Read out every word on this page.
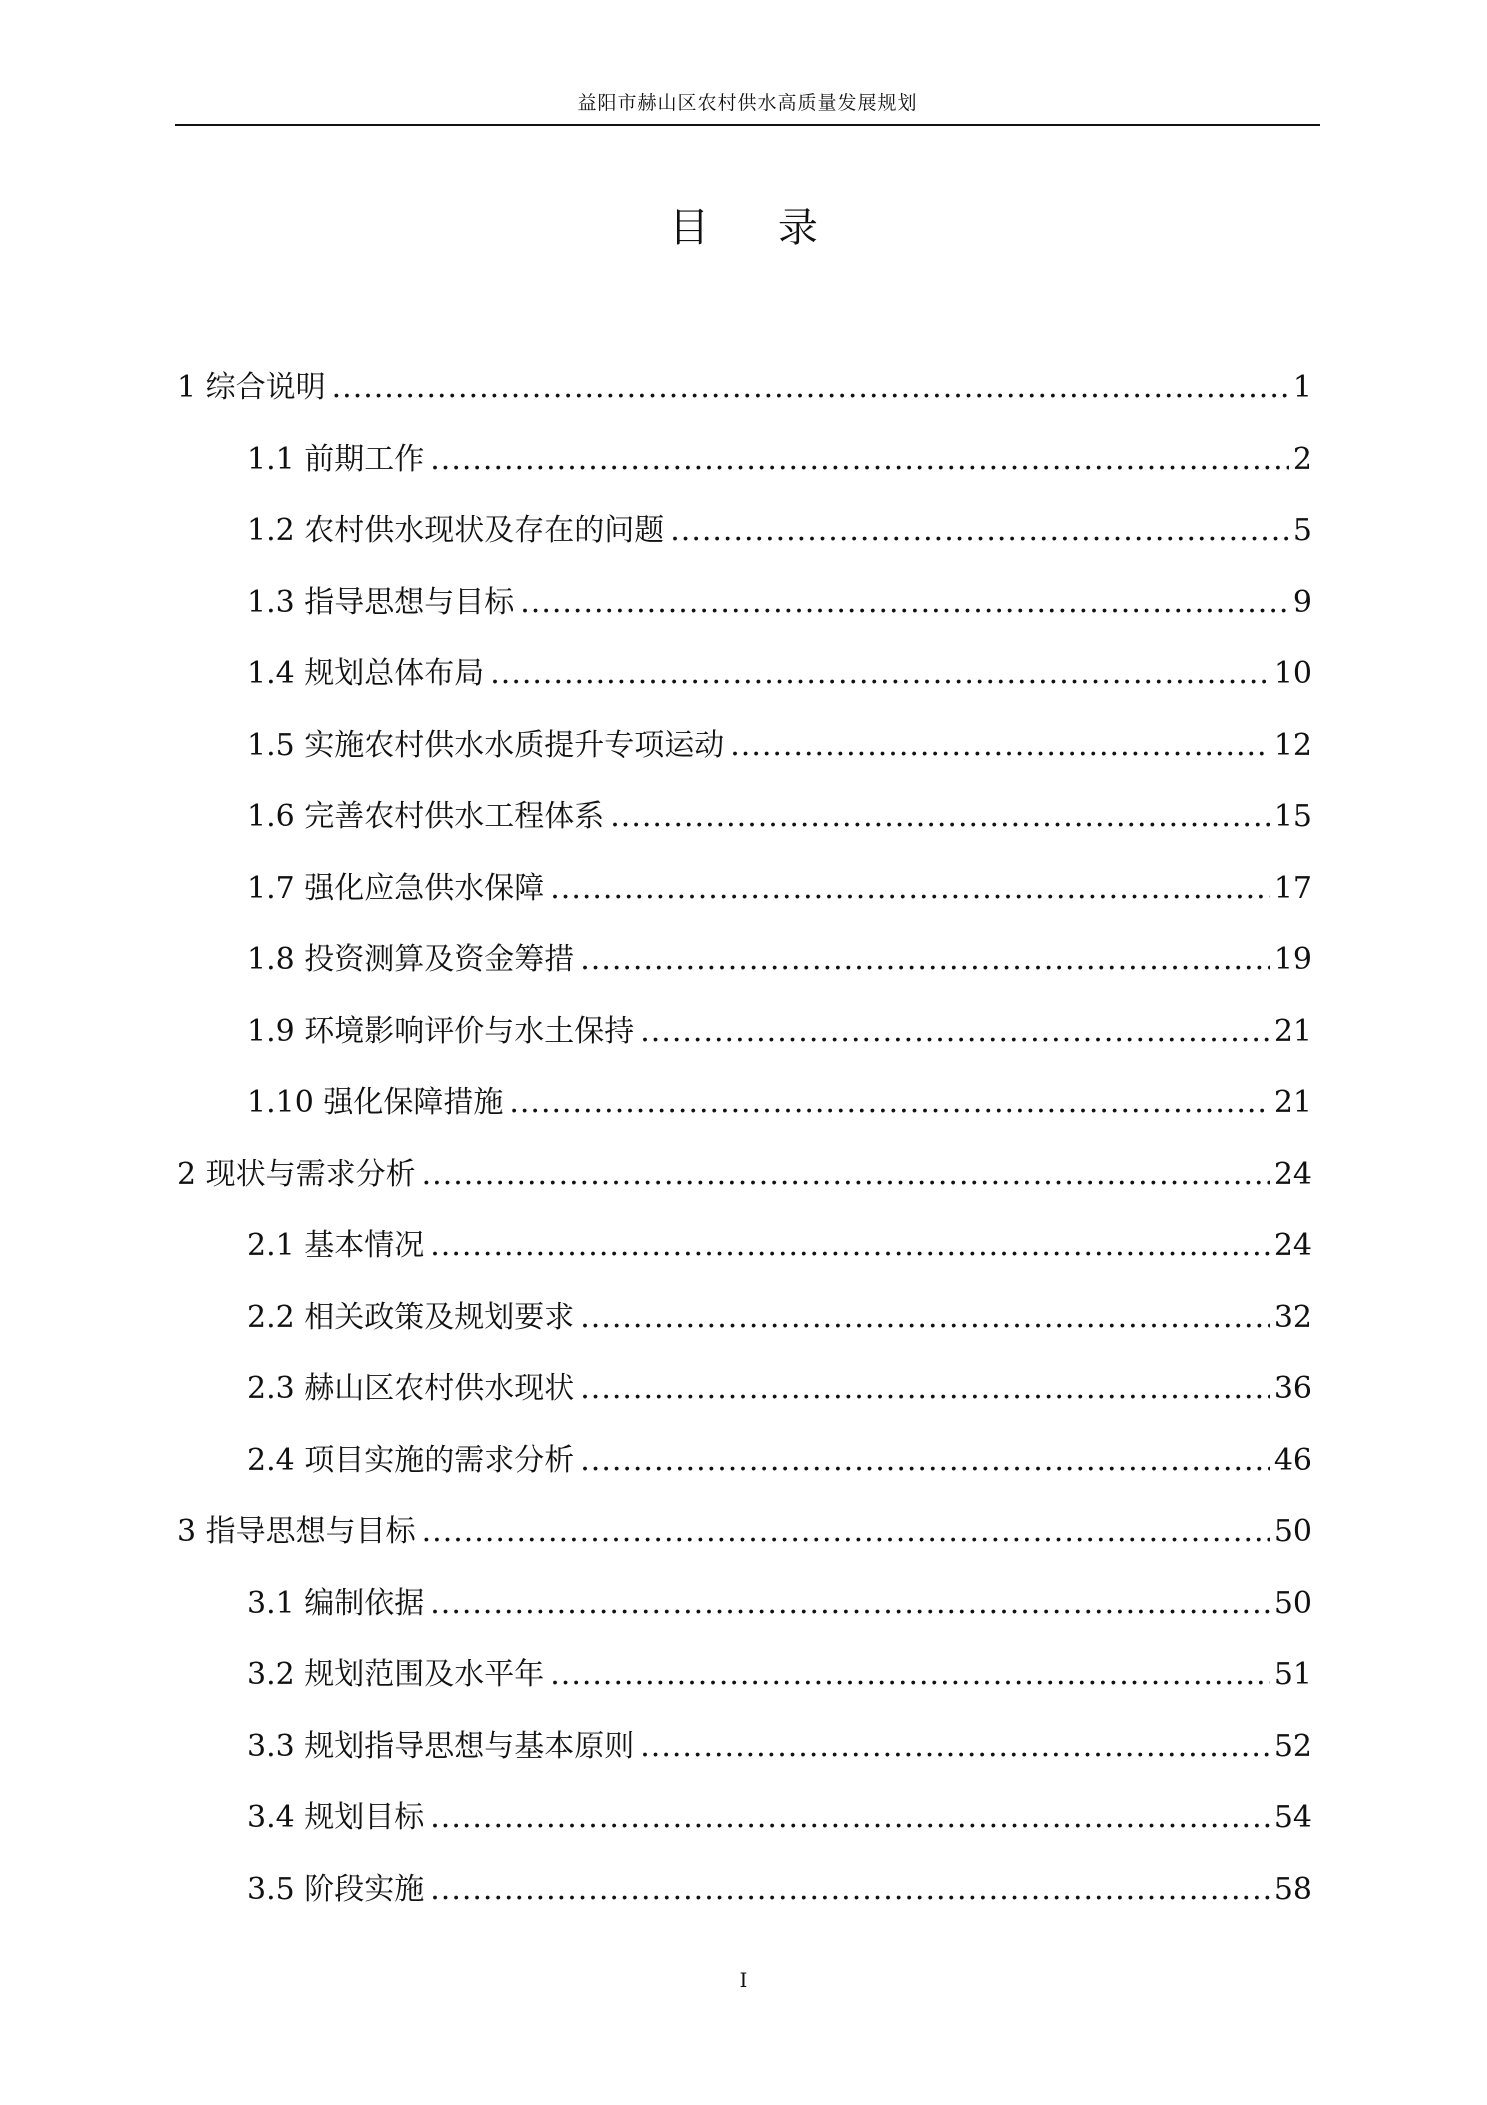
益阳市赫山区农村供水高质量发展规划
目 录
1 综合说明 .....	1
1.1 前期工作 .....	2
1.2 农村供水现状及存在的问题 .....	5
1.3 指导思想与目标 .....	9
1.4 规划总体布局 .....	10
1.5 实施农村供水水质提升专项运动 .....	12
1.6 完善农村供水工程体系 .....	15
1.7 强化应急供水保障 .....	17
1.8 投资测算及资金筹措 .....	19
1.9 环境影响评价与水土保持 .....	21
1.10 强化保障措施 .....	21
2 现状与需求分析 .....	24
2.1 基本情况 .....	24
2.2 相关政策及规划要求 .....	32
2.3 赫山区农村供水现状 .....	36
2.4 项目实施的需求分析 .....	46
3 指导思想与目标 .....	50
3.1 编制依据 .....	50
3.2 规划范围及水平年 .....	51
3.3 规划指导思想与基本原则 .....	52
3.4 规划目标 .....	54
3.5 阶段实施 .....	58
I
